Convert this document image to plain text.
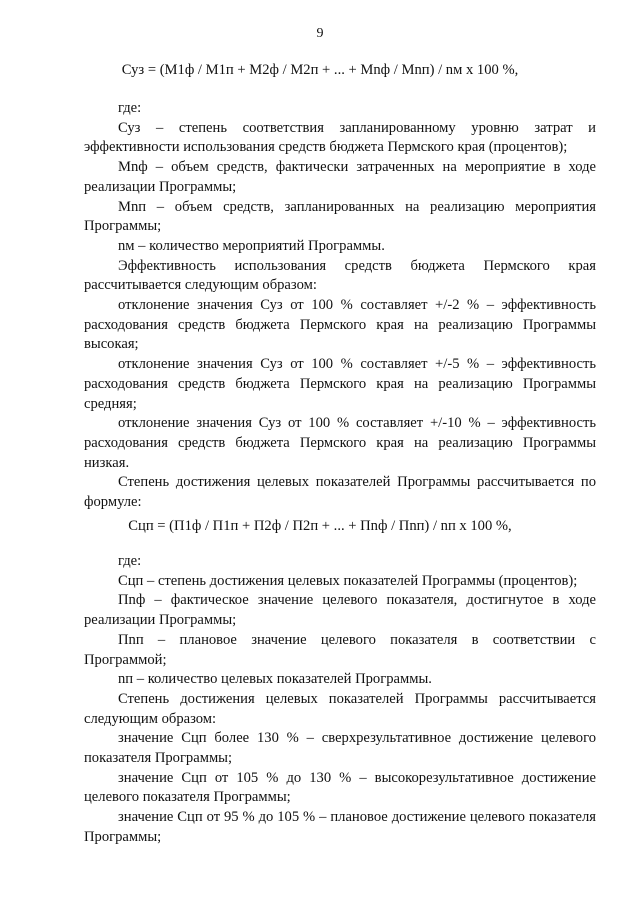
9
Суз = (М1ф / М1п + М2ф / М2п + ... + Мnф / Мnп) / nм x 100 %,

где:

Суз – степень соответствия запланированному уровню затрат и эффективности использования средств бюджета Пермского края (процентов);

Мnф – объем средств, фактически затраченных на мероприятие в ходе реализации Программы;

Мnп – объем средств, запланированных на реализацию мероприятия Программы;

nм – количество мероприятий Программы.

Эффективность использования средств бюджета Пермского края рассчитывается следующим образом:

отклонение значения Суз от 100 % составляет +/-2 % – эффективность расходования средств бюджета Пермского края на реализацию Программы высокая;

отклонение значения Суз от 100 % составляет +/-5 % – эффективность расходования средств бюджета Пермского края на реализацию Программы средняя;

отклонение значения Суз от 100 % составляет +/-10 % – эффективность расходования средств бюджета Пермского края на реализацию Программы низкая.

Степень достижения целевых показателей Программы рассчитывается по формуле:

Сцп = (П1ф / П1п + П2ф / П2п + ... + Пnф / Пnп) / nп x 100 %,

где:

Сцп – степень достижения целевых показателей Программы (процентов);

Пnф – фактическое значение целевого показателя, достигнутое в ходе реализации Программы;

Пnп – плановое значение целевого показателя в соответствии с Программой;

nп – количество целевых показателей Программы.

Степень достижения целевых показателей Программы рассчитывается следующим образом:

значение Сцп более 130 % – сверхрезультативное достижение целевого показателя Программы;

значение Сцп от 105 % до 130 % – высокорезультативное достижение целевого показателя Программы;

значение Сцп от 95 % до 105 % – плановое достижение целевого показателя Программы;
